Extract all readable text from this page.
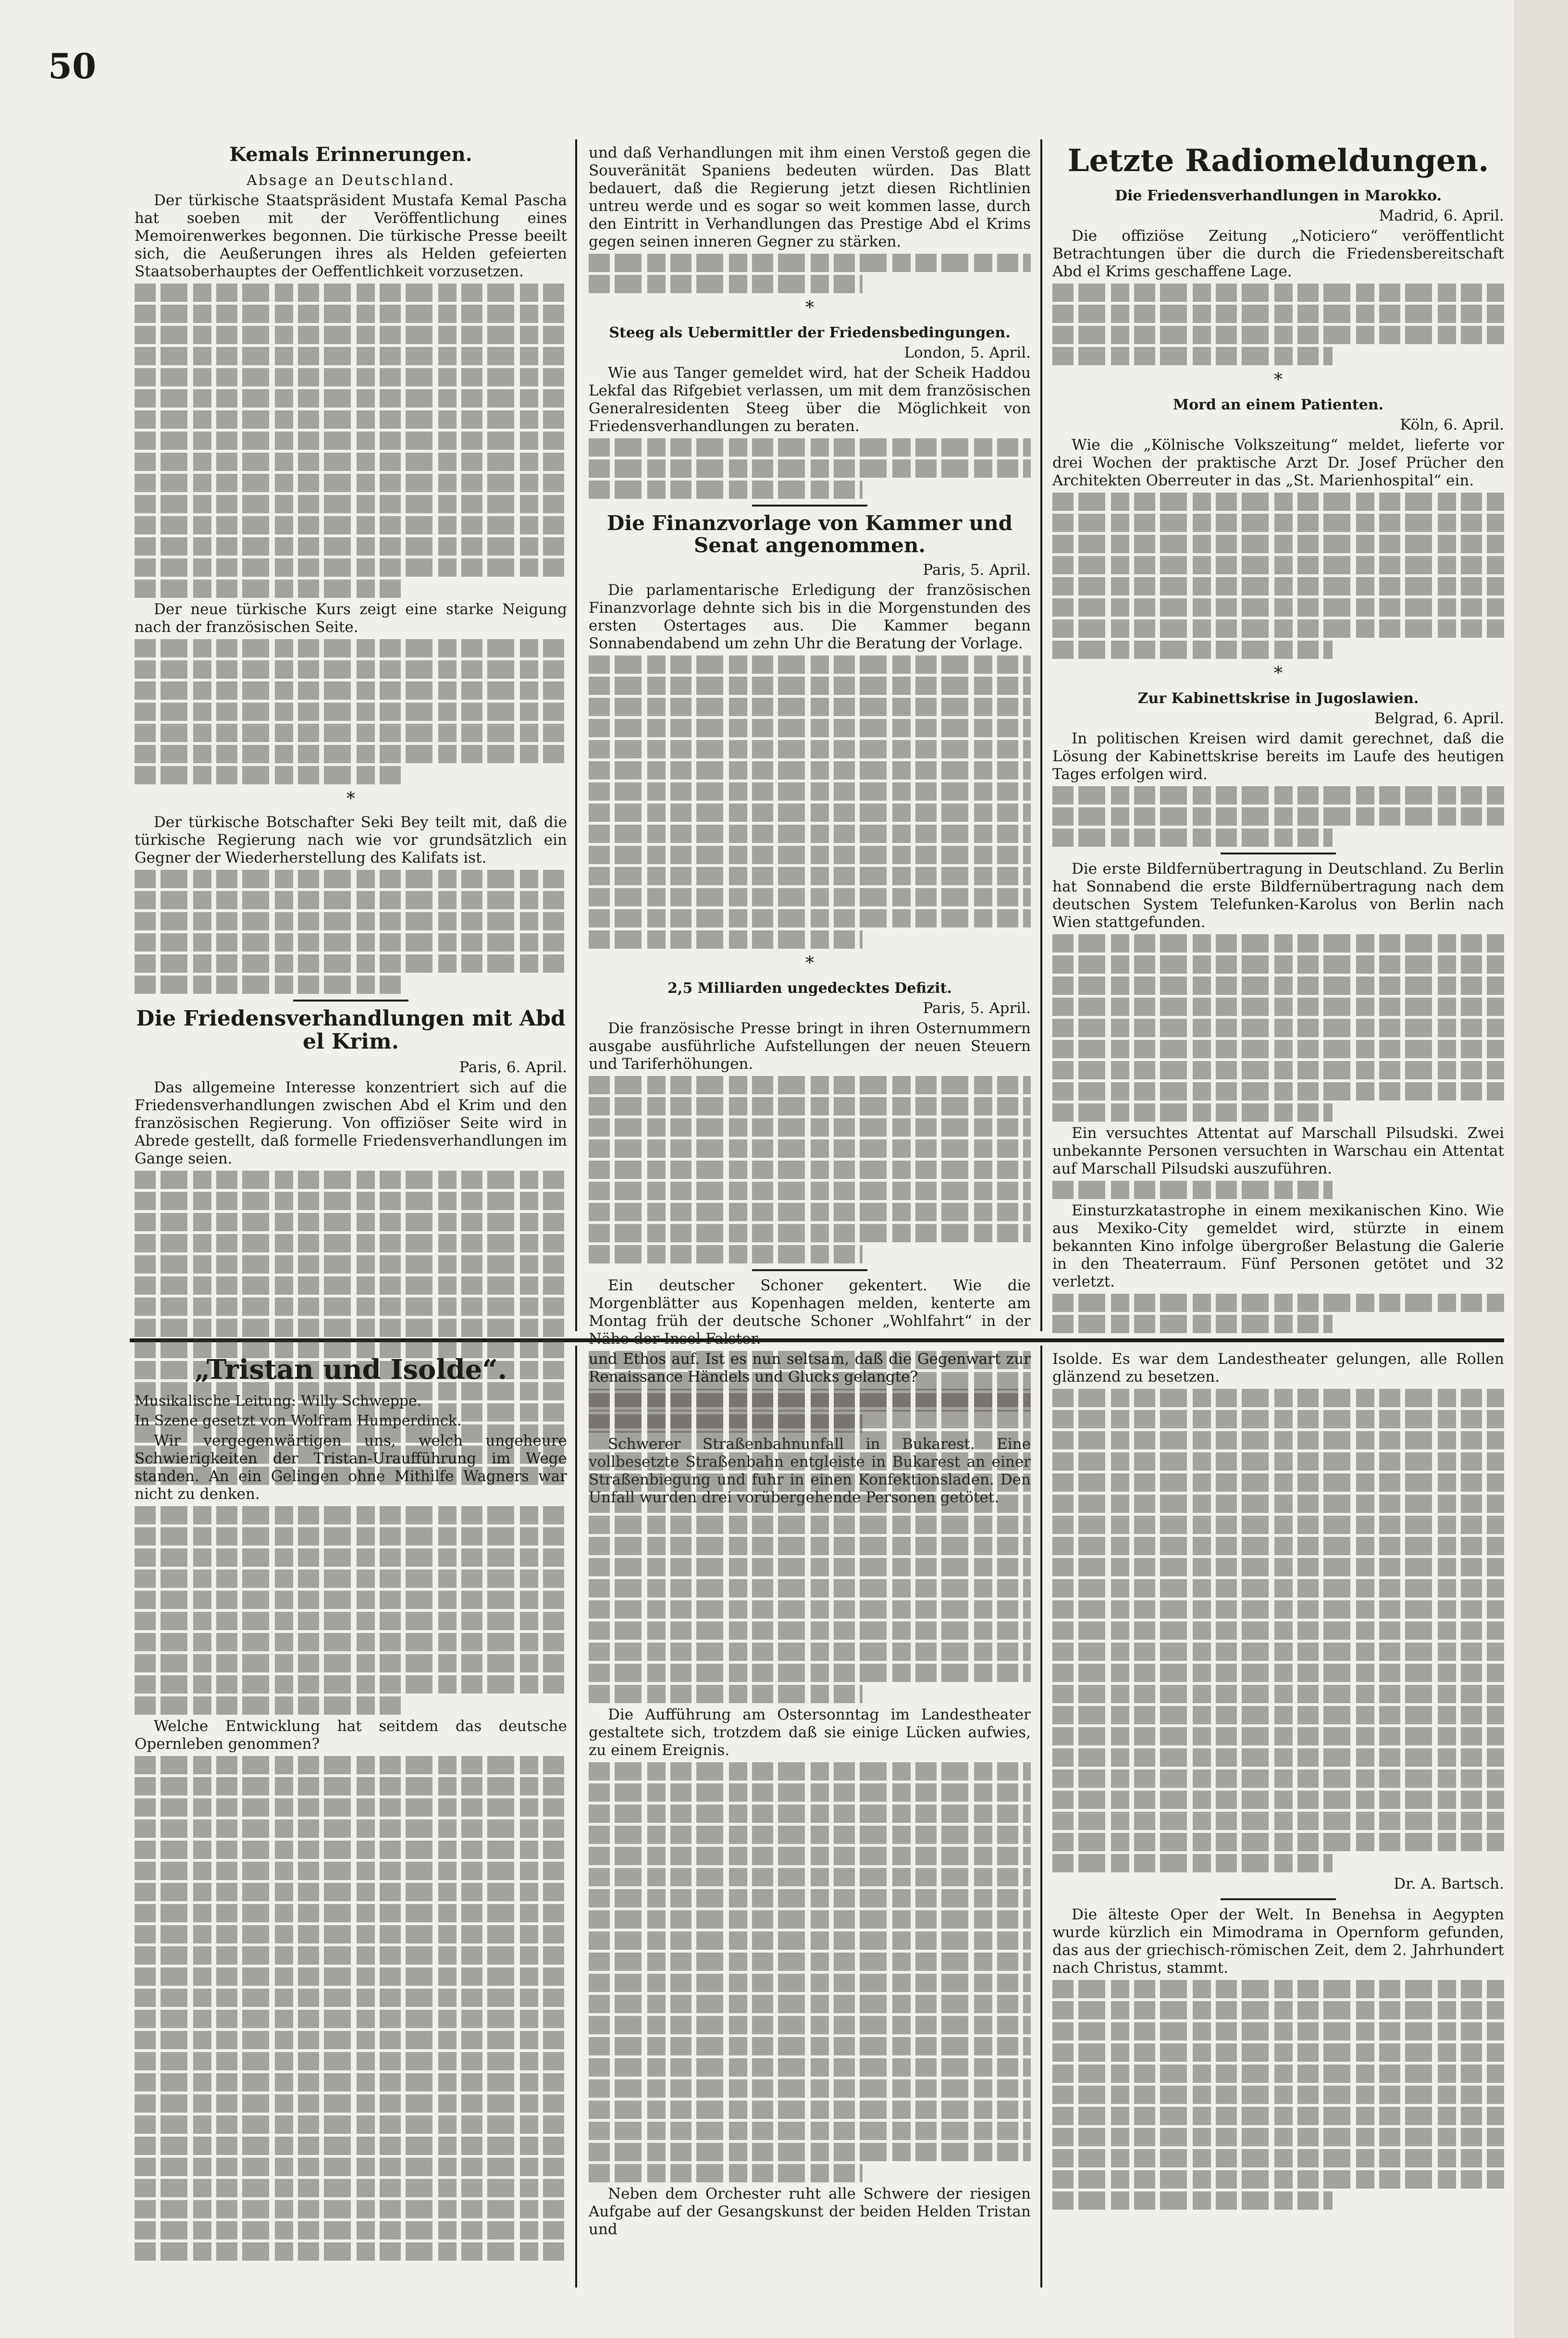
50
Kemals Erinnerungen.
Absage an Deutschland.

Der türkische Staatspräsident Mustafa Kemal Pascha hat soeben mit der Veröffentlichung eines Memoirenwerkes begonnen. Die türkische Presse beeilt sich, die Aeußerungen ihres als Helden gefeierten Staatsoberhauptes der Oeffentlichkeit vorzusetzen.

Der neue türkische Kurs zeigt eine starke Neigung nach der französischen Seite.

*

Der türkische Botschafter Seki Bey teilt mit, daß die türkische Regierung nach wie vor grundsätzlich ein Gegner der Wiederherstellung des Kalifats ist.

Die Friedensverhandlungen mit Abd el Krim.
Paris, 6. April.

Das allgemeine Interesse konzentriert sich auf die Friedensverhandlungen zwischen Abd el Krim und den französischen Regierung. Von offiziöser Seite wird in Abrede gestellt, daß formelle Friedensverhandlungen im Gange seien.

und daß Verhandlungen mit ihm einen Verstoß gegen die Souveränität Spaniens bedeuten würden. Das Blatt bedauert, daß die Regierung jetzt diesen Richtlinien untreu werde und es sogar so weit kommen lasse, durch den Eintritt in Verhandlungen das Prestige Abd el Krims gegen seinen inneren Gegner zu stärken.

*
Steeg als Uebermittler der Friedensbedingungen.
London, 5. April.

Wie aus Tanger gemeldet wird, hat der Scheik Haddou Lekfal das Rifgebiet verlassen, um mit dem französischen Generalresidenten Steeg über die Möglichkeit von Friedensverhandlungen zu beraten.

Die Finanzvorlage von Kammer und Senat angenommen.
Paris, 5. April.

Die parlamentarische Erledigung der französischen Finanzvorlage dehnte sich bis in die Morgenstunden des ersten Ostertages aus. Die Kammer begann Sonnabendabend um zehn Uhr die Beratung der Vorlage.

*
2,5 Milliarden ungedecktes Defizit.
Paris, 5. April.

Die französische Presse bringt in ihren Osternummern ausgabe ausführliche Aufstellungen der neuen Steuern und Tariferhöhungen.

Ein deutscher Schoner gekentert. Wie die Morgenblätter aus Kopenhagen melden, kenterte am Montag früh der deutsche Schoner „Wohlfahrt“ in der Nähe der Insel Falster.

Schwerer Straßenbahnunfall in Bukarest. Eine vollbesetzte Straßenbahn entgleiste in Bukarest an einer Straßenbiegung und fuhr in einen Konfektionsladen. Den Unfall wurden drei vorübergehende Personen getötet.

Letzte Radiomeldungen.
Die Friedensverhandlungen in Marokko.
Madrid, 6. April.

Die offiziöse Zeitung „Noticiero“ veröffentlicht Betrachtungen über die durch die Friedensbereitschaft Abd el Krims geschaffene Lage.

*
Mord an einem Patienten.
Köln, 6. April.

Wie die „Kölnische Volkszeitung“ meldet, lieferte vor drei Wochen der praktische Arzt Dr. Josef Prücher den Architekten Oberreuter in das „St. Marienhospital“ ein.

*
Zur Kabinettskrise in Jugoslawien.
Belgrad, 6. April.

In politischen Kreisen wird damit gerechnet, daß die Lösung der Kabinettskrise bereits im Laufe des heutigen Tages erfolgen wird.

Die erste Bildfernübertragung in Deutschland. Zu Berlin hat Sonnabend die erste Bildfernübertragung nach dem deutschen System Telefunken-Karolus von Berlin nach Wien stattgefunden.

Ein versuchtes Attentat auf Marschall Pilsudski. Zwei unbekannte Personen versuchten in Warschau ein Attentat auf Marschall Pilsudski auszuführen.

Einsturzkatastrophe in einem mexikanischen Kino. Wie aus Mexiko-City gemeldet wird, stürzte in einem bekannten Kino infolge übergroßer Belastung die Galerie in den Theaterraum. Fünf Personen getötet und 32 verletzt.

„Tristan und Isolde“.
Musikalische Leitung: Willy Schweppe.
In Szene gesetzt von Wolfram Humperdinck.

Wir vergegenwärtigen uns, welch ungeheure Schwierigkeiten der Tristan-Uraufführung im Wege standen. An ein Gelingen ohne Mithilfe Wagners war nicht zu denken.

Welche Entwicklung hat seitdem das deutsche Opernleben genommen?

und Ethos auf. Ist es nun seltsam, daß die Gegenwart zur Renaissance Händels und Glucks gelangte?

Die Aufführung am Ostersonntag im Landestheater gestaltete sich, trotzdem daß sie einige Lücken aufwies, zu einem Ereignis.

Neben dem Orchester ruht alle Schwere der riesigen Aufgabe auf der Gesangskunst der beiden Helden Tristan und

Isolde. Es war dem Landestheater gelungen, alle Rollen glänzend zu besetzen.

Dr. A. Bartsch.

Die älteste Oper der Welt. In Benehsa in Aegypten wurde kürzlich ein Mimodrama in Opernform gefunden, das aus der griechisch-römischen Zeit, dem 2. Jahrhundert nach Christus, stammt.
